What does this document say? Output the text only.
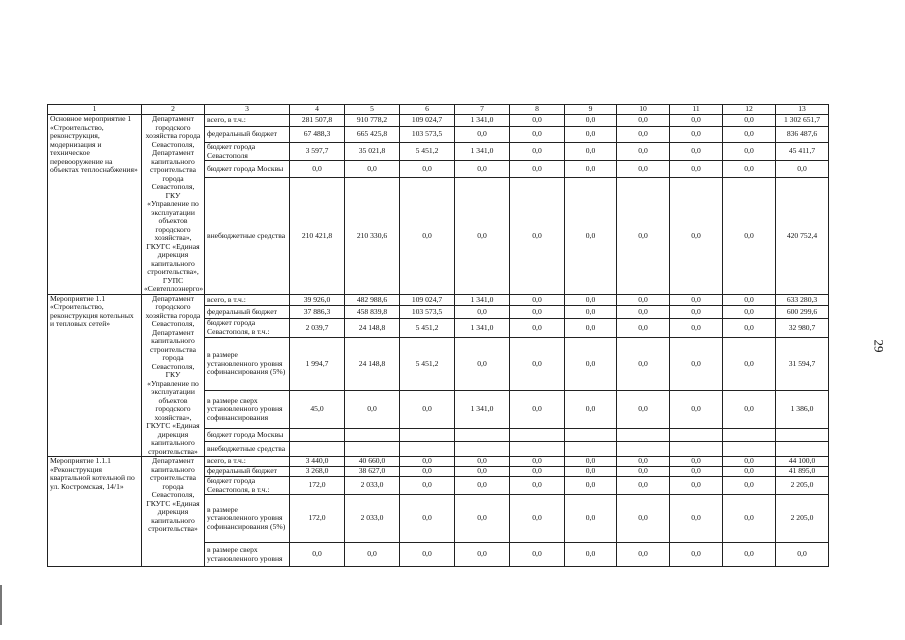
1	2	3	4	5	6	7	8	9	10	11	12	13
Основное мероприятие 1 «Строительство, реконструкция, модернизация и техническое перевооружение на объектах теплоснабжения»	Департамент городского хозяйства города Севастополя, Департамент капитального строительства города Севастополя, ГКУ «Управление по эксплуатации объектов городского хозяйства», ГКУГС «Единая дирекция капитального строительства», ГУПС «Севтеплоэнерго»	всего, в т.ч.:	281 507,8	910 778,2	109 024,7	1 341,0	0,0	0,0	0,0	0,0	0,0	1 302 651,7
		федеральный бюджет	67 488,3	665 425,8	103 573,5	0,0	0,0	0,0	0,0	0,0	0,0	836 487,6
		бюджет города Севастополя	3 597,7	35 021,8	5 451,2	1 341,0	0,0	0,0	0,0	0,0	0,0	45 411,7
		бюджет города Москвы	0,0	0,0	0,0	0,0	0,0	0,0	0,0	0,0	0,0	0,0
		внебюджетные средства	210 421,8	210 330,6	0,0	0,0	0,0	0,0	0,0	0,0	0,0	420 752,4
Мероприятие 1.1 «Строительство, реконструкция котельных и тепловых сетей»	Департамент городского хозяйства города Севастополя, Департамент капитального строительства города Севастополя, ГКУ «Управление по эксплуатации объектов городского хозяйства», ГКУГС «Единая дирекция капитального строительства»	всего, в т.ч.:	39 926,0	482 988,6	109 024,7	1 341,0	0,0	0,0	0,0	0,0	0,0	633 280,3
		федеральный бюджет	37 886,3	458 839,8	103 573,5	0,0	0,0	0,0	0,0	0,0	0,0	600 299,6
		бюджет города Севастополя, в т.ч.:	2 039,7	24 148,8	5 451,2	1 341,0	0,0	0,0	0,0	0,0	0,0	32 980,7
		в размере установленного уровня софинансирования (5%)	1 994,7	24 148,8	5 451,2	0,0	0,0	0,0	0,0	0,0	0,0	31 594,7
		в размере сверх установленного уровня софинансирования	45,0	0,0	0,0	1 341,0	0,0	0,0	0,0	0,0	0,0	1 386,0
		бюджет города Москвы										
		внебюджетные средства										
Мероприятие 1.1.1 «Реконструкция квартальной котельной по ул. Костромская, 14/1»	Департамент капитального строительства города Севастополя, ГКУГС «Единая дирекция капитального строительства»	всего, в т.ч.:	3 440,0	40 660,0	0,0	0,0	0,0	0,0	0,0	0,0	0,0	44 100,0
		федеральный бюджет	3 268,0	38 627,0	0,0	0,0	0,0	0,0	0,0	0,0	0,0	41 895,0
		бюджет города Севастополя, в т.ч.:	172,0	2 033,0	0,0	0,0	0,0	0,0	0,0	0,0	0,0	2 205,0
		в размере установленного уровня софинансирования (5%)	172,0	2 033,0	0,0	0,0	0,0	0,0	0,0	0,0	0,0	2 205,0
		в размере сверх установленного уровня	0,0	0,0	0,0	0,0	0,0	0,0	0,0	0,0	0,0	0,0
29
